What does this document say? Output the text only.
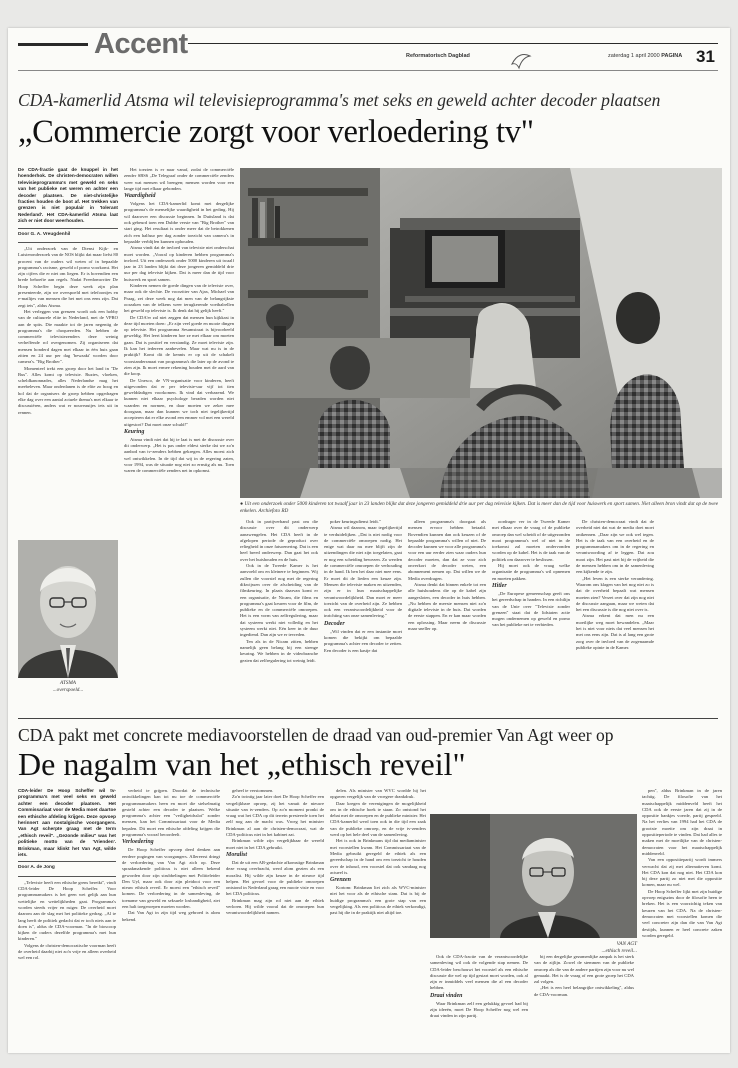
Accent	Reformatorisch Dagblad	zaterdag 1 april 2000 PAGINA 31
CDA-kamerlid Atsma wil televisieprogramma's met seks en geweld achter decoder plaatsen
„Commercie zorgt voor verloedering tv"
De CDA-fractie gaat de knuppel in het hoenderhok. De christen-democraten willen televisieprogramma's met geweld en seks van het publieke net weren en achter een decoder plaatsen. De niet-christelijke fracties houden de boot af. Het trekken van grenzen is niet populair in 'tolerant Nederland'. Het CDA-kamerlid Atsma laat zich er niet door weerhouden.
Door G. A. Vreugdenhil
„Uit onderzoek van de Dienst Kijk- en Luisteronderzoek van de NOS blijkt dat maar liefst 80 procent van de ouders wil weten of in bepaalde programma's racisme, geweld of porno voorkomt. Het zijn cijfers die er niet om liegen. Er is bovendien een brede behoefte aan regels. Nadat Freedomwriter De Hoop Scheffer begin deze week zijn plan presenteerde, zijn we overspoeld met telefoontjes en e-mailtjes van mensen die het met ons eens zijn. Dat zegt iets", aldus Atsma.
Het verleggen van grenzen wordt ook een hobby van de cultuurele elite in Nederland, met de VPRO aan de spits. Die maakte tot de jaren negentig de programma's die choqueerden. Nu hebben de commerciële televisiezenders deze weinig verheffende rol overgenomen. Zij organiseren dat mensen honderd dagen met elkaar in één huis gaan zitten en 24 uur per dag 'bewaakt' worden door camera's. "Big Brother".
Momenteel trekt een groep door het land in "De Bus". Alles komt op televisie. Ruzies, vloeken, scheldkanonnades, alles Nederlandse mag het meebeleven. Maar onderdanen is de elite zo hoog en hol dat de organisers de groep hebben opgedragen elke dag over een aantal actuele thema's met elkaar te discussiëren, anders wat er nouveautjes iets uit in rennen.
Het toezien is er naar vanaf, zodat de commerciële zender SBS6 „De Telegraaf onder de commerciële zenders weer wat mensen wil brengen; mensen worden voor een lange tijd met elkaar gebonden.
Waardigheid
Volgens het CDA-kamerlid komt met dergelijke programma's de menselijke waardigheid in het geding. Hij wil daarover een discussie beginnen. In Duitsland is dat ook gebeurd toen een Dubbe versie van "Big Brother" van start ging. Het resultaat is onder meer dat de betrokkenen zich een halfuur per dag zonder toezicht van camera's in bepaalde verblijfen kunnen ophouden.
Atsma vindt dat de invloed van televisie niet onderschat moet worden. „Vooral op kinderen hebben programma's invloed. Uit een onderzoek onder 5000 kinderen uit twaalf jaar in 23 landen blijkt dat deze jongeren gemiddeld drie uur per dag televisie kijken. Dat is meer dan de tijd voor huiswerk en sport samen.
Kinderen nemen de goede dingen van de televisie over, maar ook de slechte. De voorzitter van Ajax, Michael van Praag, zei deze week nog dat men van de belangrijkste oorzaken van de telkens weer terugkerende voetbalrellen het geweld op televisie is. Ik denk dat hij gelijk heeft."
De CDA'er zal niet zeggen dat mensen hun kijkkast in deze tijd moeten doen: „Er zijn veel goede en mooie dingen op televisie. Het programma Sesamstraat is bijvoorbeeld geweldig. Het leert kinderen hoe ze met elkaar om moeten gaan. Dat is positief en verstandig. Ze moet televisie zijn. Ik kan het iedereen aanbevelen. Maar wat nu is in de praktijk? Komt dit de kennis er op uit de schakelt voorstandersmaat van programma's die later op de avond te zien zijn. Ik moet ermee rekening houden met de aard van die koop.
De Unesco, de VN-organisatie voor kinderen, heeft uitgevonden dat er per televisie-uur vijf tot tien gewelddadigen voorkomen. Ik vind dat verbazend. We kunnen niet elkaar psychologe beraden worden niet waarden en normen, en daar moeten we zeker mee doorgaan, maar dan kunnen we toch niet tegelijkertijd accepteren dat er elke avond een emmer vol met een wereld uitgestort? Dat moet onze schuld!"
Keuring
Atsma vindt niet dat hij te laat is met de discussie over dit onderwerp. „Het is pas onder eldest sterke dat we zo'n aanbod van tv-zenders hebben gekregen. Alles moest zich wel ontwikkelen. In de tijd dat wij in de regering zaten, voor 1994, was de situatie nog niet zo ernstig als nu. Toen waren de commerciële zenders net in opkomst.
● Uit een onderzoek onder 5000 kinderen tot twaalf jaar in 23 landen blijkt dat deze jongeren gemiddeld drie uur per dag televisie kijken. Dat is meer dan de tijd voor huiswerk en sport samen. Niet alleen bron vindt dat op de twee enkelen. Archiefoto RD
ATSMA
...overspoeld...
Ook in partijverband past om die discussie over dit onderwerp aanzwengelen. Het CDA heeft in de afgelopen periode de geproduct over reliegheid in onze fatsoenering. Dat is een heel breed onderwerp. Dan gaat het ook over het huishouden en de huis.
Ook in de Tweede Kamer is het aanvoeld om en kleinere te beginnen. Wij zullen die voorstel nog met de regering dikwijssen over de afscheiding van de filmkeuring. In plaats daarvan komt er een organisatie, de Nicam, die films en programma's gaat keuren voor de film, de publieke en de commerciële omroepen. Het is een vorm van zelfregulering, maar dat systeem werkt niet volledig en het systeem werkt niet. Eén keer in de duur ingediend. Dan zijn we er tevreden.
Ten als in de Nicam zitten, hebben namelijk geen belang bij een strenge keuring. We hebben in de videobranche gezien dat zelfregulering tot weinig leidt.
poker keuringsdienst leidt."
Atsma wil daarom, maar tegelijkertijd te verduidelijken. „Dat is niet nodig voor de commerciële omroepen nodig. Het enige wat daar nu mee blijft zijn de uitzendingen die niet zijn toegelaten, gaat er nog een scheiding bewezen. Zo werden de commerciële omroepen de verhouding in de hand. Ik ben het daar niet mee eens. Er moet dit de lieden een keuze zijn. Mensen die televisie maken en uitzenden, zijn er in hun maatschappelijke verantwoordelijkheid. Dan moet er meer toezicht van de overheid zijn. Ze hebben ook een verantwoordelijkheid voor de inrichting van onze samenleving."
Decoder
„Wil vinden dat er een instantie moet komen die bekijkt om bepaalde programma's achter een decoder te zetten. Een decoder is een kastje dat
alleen programma's doorgaat als mensen ervoor hebben betaald. Bovendien kunnen dan ook keuzen of de bepaalde programma's willen of niet. De decoder kunnen we voor alle programma's voor een uur eerder zien waar ouders hun decoder moeten, dan dat ze voor zich onverkort de decoder weten, een abonnement nemen op. Dat willen we de Media overdragen.
Atsma denkt dat binnen enkele tot een alle huishoudens die op de kabel zijn aangesloten, een decoder in huis hebben. „Nu hebben de meeste mensen niet zo'n digitale televisie in de huis. Dat worden de eerste stappen. En er kan maar worden een oplossing. Maar neem de discussie maar sneller op.
oordrager ver in de Tweede Kamer met elkaar over de vraag of de publieke omroep dan wel scheidt of de uitgezonden mooi programma's wel of niet in de toekomst zal moeten ondervonden worden op de kabel. Het is de taak van de politiek om daarover te beslissen.
Hij moet ook de vraag welke organisatie de programma's wil opnemen en moeten pakken.
Hitler
„De Europese gemeenschap geeft ons het gereedschap in handen. In een richtlijn van de Unie over "Televisie zonder grenzen" staat dat de lidstaten actie mogen ondernemen op geweld en porno van het publieke net te verbieden.
De christen-democraat vindt dat de overheid niet dat wat de media doet moet ontkennen. „Daar zijn we ook wel tegen. Het is de taak van een overheid en de programmamakers om in de regering en verantwoording af te leggen. Dat zou mooi zijn. Het past niet bij de vrijheid die de mensen hebben om in de samenleving een kijkende te zijn.
„Het leven is een sterke verandering. Waarom ons klagen van het nog niet zo is dat de overheid bepaalt wat mensen moeten zien? Verzet over dat zijn nog niet de discussie aangaan, maar we weten dat het een discussie is die nog niet over is.
Atsma erkent dat men nu een moeilijke weg moet bewandelen. „Maar het is niet voor niets dat veel mensen het met ons eens zijn. Dat is al lang een grote zorg over de invloed van de zogenaamde publieke opinie in de Kamer.
CDA pakt met concrete mediavoorstellen de draad van oud-premier Van Agt weer op
De nagalm van het „ethisch reveil"
CDA-leider De Hoop Scheffer wil tv-programma's met veel seks en geweld achter een decoder plaatsen. Het Commissariaat voor de Media moet daartoe een ethische afdeling krijgen. Deze opvoep herinnert aan nostalgische voorgangers. Van Agt scherpte graag met de term „ethisch reveil". „Gezonde milieu" was het politieke motto van de 'Vrienden'. Brinkman, maar klinkt het Van Agt, wilde iets.
Door A. de Jong
„Televisie heeft een ethische grens bereikt", vindt CDA-leider De Hoop Scheffer. Voor programmamakers is het geen wet gelijk aan hun wettelijke en wettelijkheden gaat. Programma's worden steeds vrijer en ruiger. De overheid moet daarom aan de slag met het politieke gedrag. „Al te lang heeft de politiek gedacht dat er toch niets aan te doen is", aldus de CDA-voorman. "In de bioscoop kijken de ouders dezelfde programma's met hun kinderen."
Volgens de christen-democratische voorman heeft de overheid daarbij niet zo'n vrije en alleen overheid wel een rol.
verheid te grijpen. Doordat de technische ontwikkelingen kan tot nu toe de commerciële programmamakers heen en moet die stelselmatig gesteld achter een decoder te plaatsen. Welke programma's achter een "veiligheidsslot" zonder mensen, kan het Commissariaat voor de Media bepalen. Dit moet een ethische afdeling krijgen die programma's vooraf beoordeelt.
Verloedering
De Hoop Scheffer opvoep deed denken aan eerdere pogingen van voorgangers. Allereerst dringt de verloedering van Van Agt zich op. Deze spraakmakende politicus is niet alleen bekend geworden door zijn strubbelingen met Politieleider Den Uyl, maar ook door zijn pleidooi voor een nieuw ethisch reveil. Er moest een "ethisch reveil" komen. De verloedering in de samenleving, de toename van geweld en seksuele losbandigheid, ziet een halt toegeroepen moeten worden.
Dat Van Agt in zijn tijd weg gebroed is alom bekend.
geheel te verstommen.
Zo'n twintig jaar later doet De Hoop Scheffer een vergelijkbare oproep, zij het vanuit de nieuwe situatie van tv-zenders. Op zo'n moment pronkt de vraag wat het CDA op dit terrein presteerde toen het zelf nog aan de macht was. Vroeg het minister Brinkman al aan de christen-democraat, wat de CDA-politicus niet in het kabinet zat.
Brinkman wilde zijn vergelijkbaar de wereld moet niet in het CDA gebruikt.
Moralist
Dat de uit een AR-gedachte afkomstige Brinkman deze vraag overbracht, werd alom gezien als een moralist. Hij wilde zijn keuze in de nieuwe tijd helpen. Het gevoel voor de publieke omroepen ontstond in Nederland graag een mooie visie en voor het CDA politicus.
Brinkman mag zijn rol niet aan de ethiek verloren. Hij wilde vooral dat de omroepen hun verantwoordelijkheid namen.
delen. Als minister van WVC wordde hij het opgaven vergelijk van de vroegere drankdruk.
Daar kregen de verenigingen de mogelijkheid om in de ethische hoek te staan. Zo ontstond het debat met de omroepen en de publieke minister. Het CDA-kamerlid werd toen ook in die tijd een zaak van de publieke omroep, en de vrije tv-zenders werd op het hele deel van de samenleving.
Het is ook in Brinkmans tijd dat mediaminister met voorstellen kwam. Het Commissariaat van de Media gebruikt geregeld de ethiek als een gereedschap in de hand om een toezicht te houden over de inhoud, een voorstel dat ook vandaag nog actueel is.
Grenzen
Kortom: Brinkman liet zich als WVC-minister niet het voor als de ethische stam. Dat is bij de huidige programma's een grote stap van een vergelijking. Als een politicus de ethiek verkondigt, past hij die in de praktijk niet altijd toe.
VAN AGT
...ethisch reveil...
Ook de CDA-fractie van de verantwoordelijke samenleving wil ook de volgende stap nemen. De CDA-leider beschouwt het voorstel als een ethische discussie die wel op tijd gestart moet worden, ook al zijn er inmiddels veel mensen die al een decoder hebben.
Draai vinden
Waar Brinkman zelf een gelukkig gevoel had bij zijn ideeën, moet De Hoop Scheffer nog wel een draai vinden in zijn partij.
bij een dergelijke gezamenlijke aanpak is het sterk van de zijlijn. Zowel de stemmen van de publieke omroep als die van de andere partijen zijn voor nu wel gemaakt. Het is de vraag of een grote groep het CDA zal volgen.
„Het is een heel belangrijke ontwikkeling", aldus de CDA-voorman.
pen", aldus Brinkman in de jaren tachtig. De filosofie van het maatschappelijk middenveld heeft het CDA ook de eerste jaren dat zij in de oppositie bankjes voerde, partij gespeeld. Na het verlies van 1994 had het CDA de grootste moeite om zijn draai in oppositieperiode te vinden. Dat had alles te maken met de moeilijke van de christen-democraten voor het maatschappelijk middenveld.
Van een oppositiepartij wordt immers verwacht dat zij met alternatieven komt. Het CDA kon dat nog niet. Het CDA kon bij deze partij zo niet met die oppositie komen, maar nu wel.
De Hoop Scheffer lijkt met zijn huidige opvoep enigszins door de filosofie heen te breken. Het is een voorzichtig teken van keuzen van het CDA. Na de christen-democraten met voorstellen komen die veel concreter zijn dan die van Van Agt destijds, kunnen er heel concrete zaken worden geregeld.
